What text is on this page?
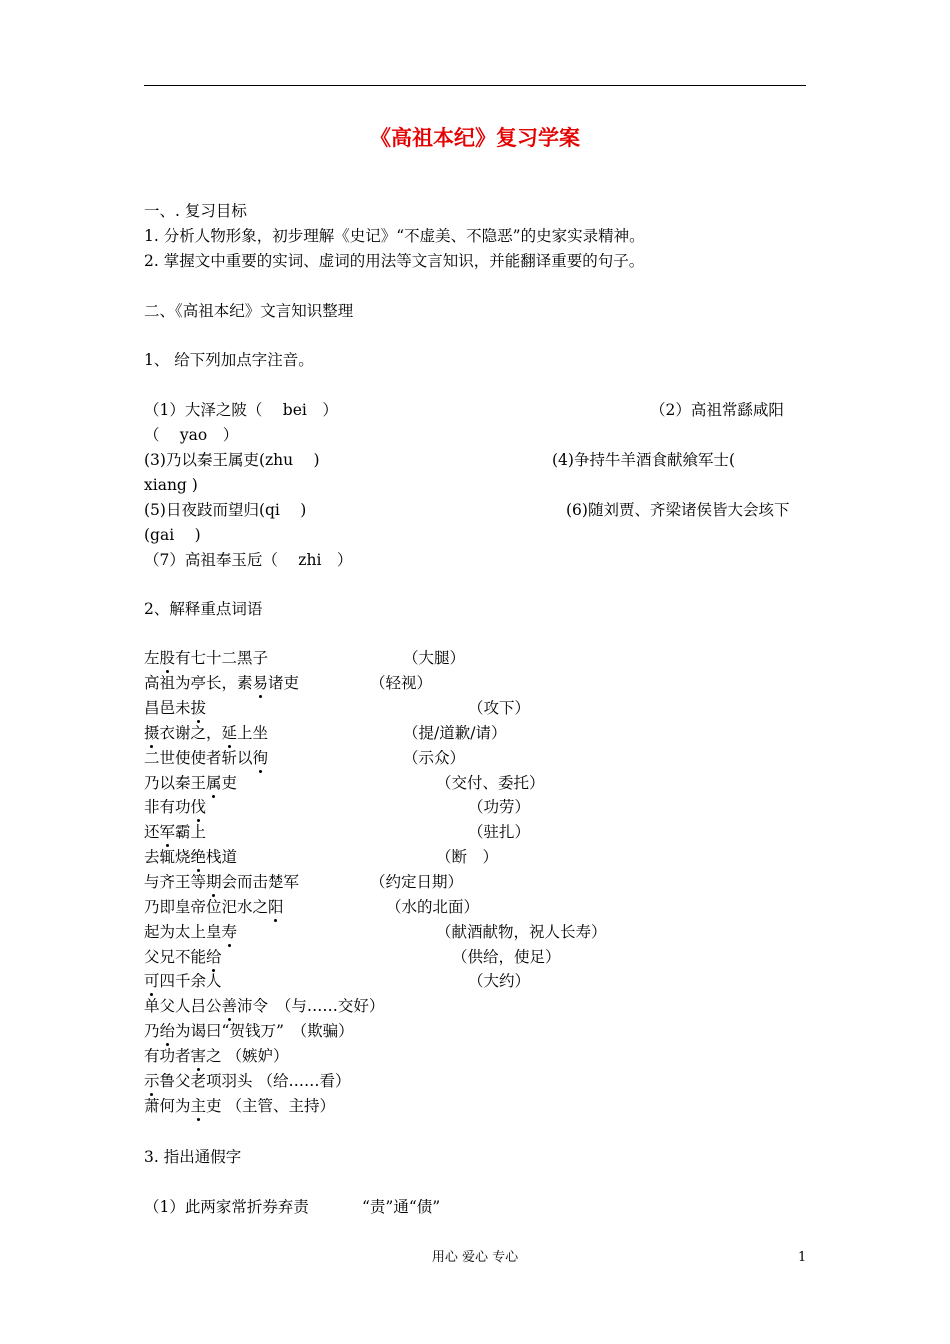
《高祖本纪》复习学案
一、. 复习目标
1. 分析人物形象，初步理解《史记》“不虚美、不隐恶”的史家实录精神。
2. 掌握文中重要的实词、虚词的用法等文言知识，并能翻译重要的句子。
二、《高祖本纪》文言知识整理
1、 给下列加点字注音。
（1）大泽之陂（　 bei　）	（2）高祖常繇咸阳
（　 yao　）
(3)乃以秦王属吏(zhu　 )	(4)争持牛羊酒食献飨军士(
xiang )
(5)日夜跂而望归(qi　 )	(6)随刘贾、齐梁诸侯皆大会垓下
(gai　 )
（7）高祖奉玉卮（　 zhi　）
2、解释重点词语
左股有七十二黑子	（大腿）
高祖为亭长，素易诸吏	（轻视）
昌邑未拔	（攻下）
摄衣谢之，延上坐	（提/道歉/请）
二世使使者斩以徇	（示众）
乃以秦王属吏	（交付、委托）
非有功伐	（功劳）
还军霸上	（驻扎）
去辄烧绝栈道	（断　）
与齐王等期会而击楚军	（约定日期）
乃即皇帝位汜水之阳	（水的北面）
起为太上皇寿	（献酒献物，祝人长寿）
父兄不能给	（供给，使足）
可四千余人	（大约）
单父人吕公善沛令　 （与……交好）
乃绐为谒曰“贺钱万”　 （欺骗）
有功者害之 （嫉妒）
示鲁父老项羽头 （给……看）
萧何为主吏 （主管、主持）
3. 指出通假字
（1）此两家常折券弃责	“责”通“债”
用心 爱心 专心	1
